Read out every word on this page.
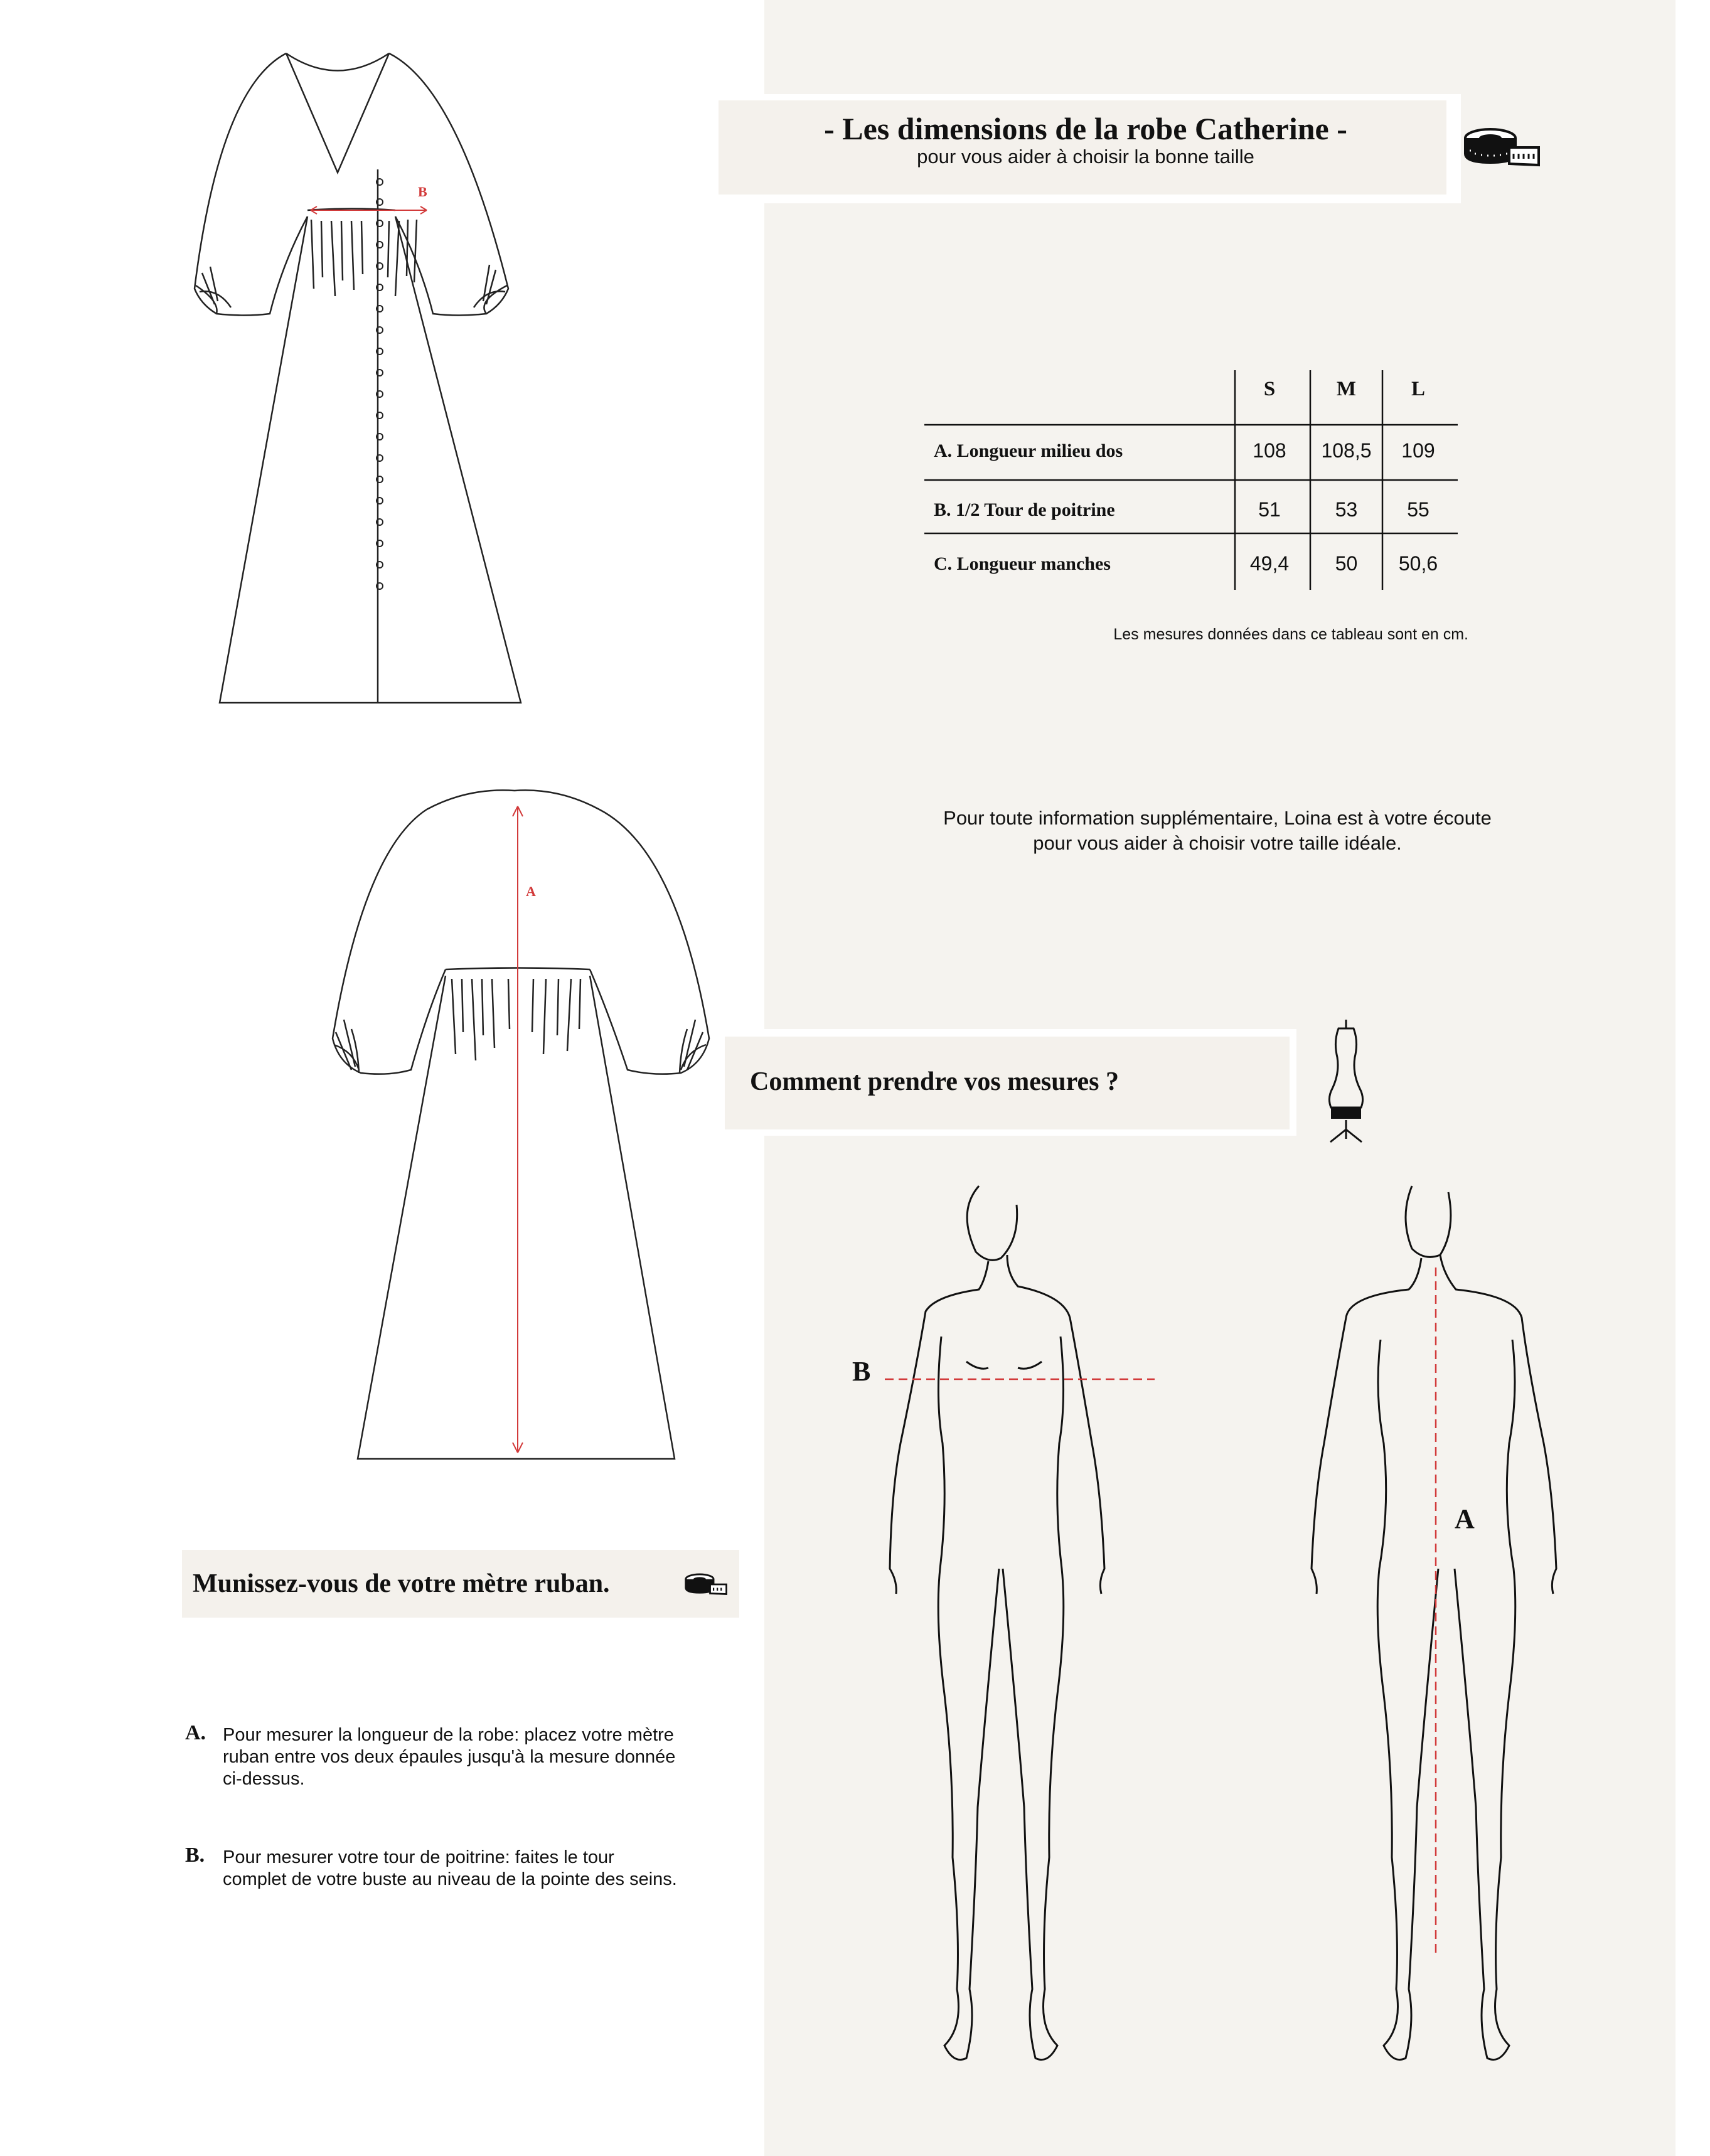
- Les dimensions de la robe Catherine -
pour vous aider à choisir la bonne taille
B
A
S	M	L
A. Longueur milieu dos	108	108,5	109
B. 1/2 Tour de poitrine	51	53	55
C. Longueur manches	49,4	50	50,6
Les mesures données dans ce tableau sont en cm.
Pour toute information supplémentaire, Loina est à votre écoute
pour vous aider à choisir votre taille idéale.
Comment prendre vos mesures ?
B
A
Munissez-vous de votre mètre ruban.
A. Pour mesurer la longueur de la robe: placez votre mètre ruban entre vos deux épaules jusqu'à la mesure donnée ci-dessus.
B. Pour mesurer votre tour de poitrine: faites le tour complet de votre buste au niveau de la pointe des seins.
